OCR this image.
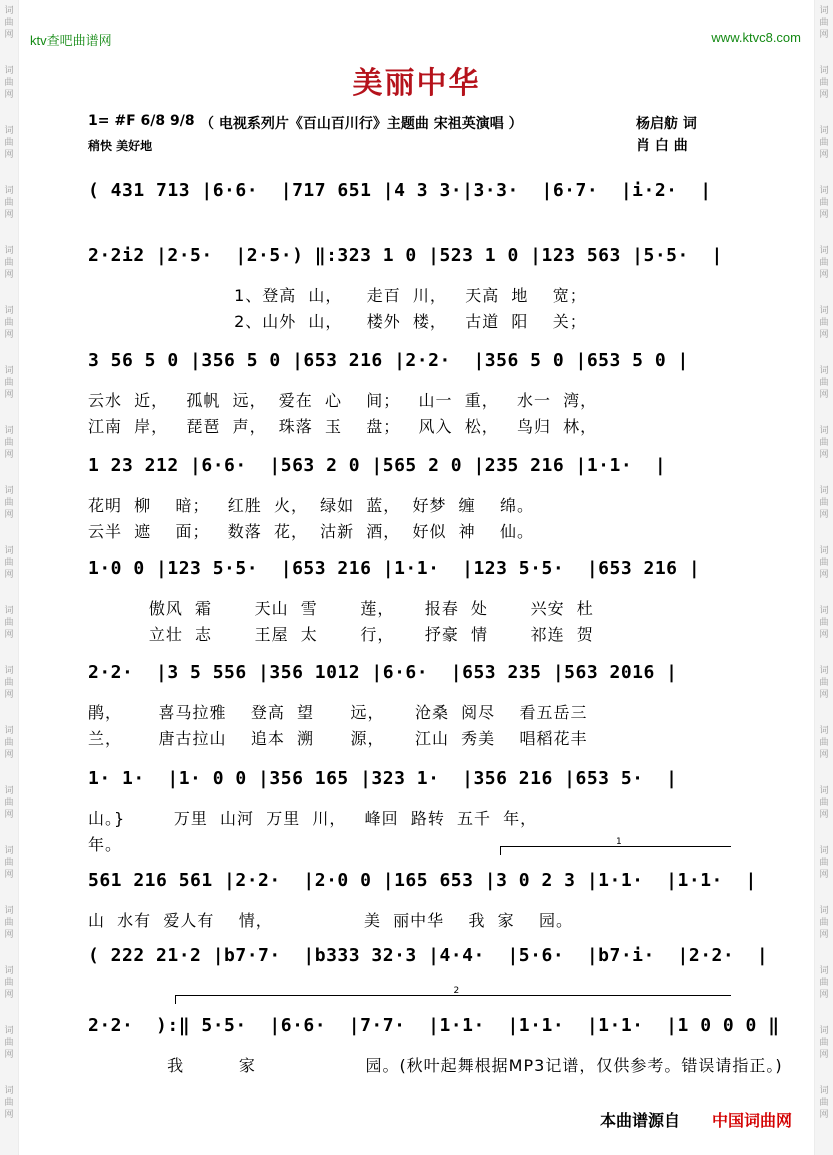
词
曲
网
词
曲
网
词
曲
网
词
曲
网
词
曲
网
词
曲
网
词
曲
网
词
曲
网
词
曲
网
词
曲
网
词
曲
网
词
曲
网
词
曲
网
词
曲
网
词
曲
网
词
曲
网
词
曲
网
词
曲
网
词
曲
网
词
曲
网
词
曲
网
词
曲
网
词
曲
网
词
曲
网
词
曲
网
词
曲
网
词
曲
网
词
曲
网
词
曲
网
词
曲
网
词
曲
网
词
曲
网
词
曲
网
词
曲
网
词
曲
网
词
曲
网
词
曲
网
词
曲
网
ktv查吧曲谱网	www.ktvc8.com
美丽中华
1= #F 6/8 9/8 （ 电视系列片《百山百川行》主题曲 宋祖英演唱 ）
稍快 美好地
杨启舫 词
肖 白 曲
( 431 713 |6·6·  |717 651 |4 3 3·|3·3·  |6·7·  |i·2·  |
2·2i2 |2·5·  |2·5·) ‖:323 1 0 |523 1 0 |123 563 |5·5·  |
1、登高  山，    走百  川，   天高  地    宽；
2、山外  山，    楼外  楼，   古道  阳    关；
3 56 5 0 |356 5 0 |653 216 |2·2·  |356 5 0 |653 5 0 |
云水  近，   孤帆  远，  爱在  心    间；   山一  重，   水一  湾，
江南  岸，   琵琶  声，  珠落  玉    盘；   风入  松，   鸟归  林，
1 23 212 |6·6·  |563 2 0 |565 2 0 |235 216 |1·1·  |
花明  柳    暗；   红胜  火，  绿如  蓝，  好梦  缠    绵。
云半  遮    面；   数落  花，  沽新  酒，  好似  神    仙。
1·0 0 |123 5·5·  |653 216 |1·1·  |123 5·5·  |653 216 |
傲风  霜       天山  雪       莲，     报春  处       兴安  杜
立壮  志       王屋  太       行，     抒豪  情       祁连  贺
2·2·  |3 5 556 |356 1012 |6·6·  |653 235 |563 2016 |
鹃，      喜马拉雅    登高  望      远，     沧桑  阅尽    看五岳三
兰，      唐古拉山    追本  溯      源，     江山  秀美    唱稻花丰
1· 1·  |1· 0 0 |356 165 |323 1·  |356 216 |653 5·  |
山。}        万里  山河  万里  川，   峰回  路转  五千  年，
年。
561 216 561 |2·2·  |2·0 0 |165 653 |3 0 2 3 |1·1·  |1·1·  |
山  水有  爱人有    情，               美  丽中华    我  家    园。
( 222 21·2 |b7·7·  |b333 32·3 |4·4·  |5·6·  |b7·i·  |2·2·  |
2·2·  ):‖ 5·5·  |6·6·  |7·7·  |1·1·  |1·1·  |1·1·  |1 0 0 0 ‖
我         家                  园。(秋叶起舞根据MP3记谱，仅供参考。错误请指正。)
1
2
本曲谱源自 中国词曲网
